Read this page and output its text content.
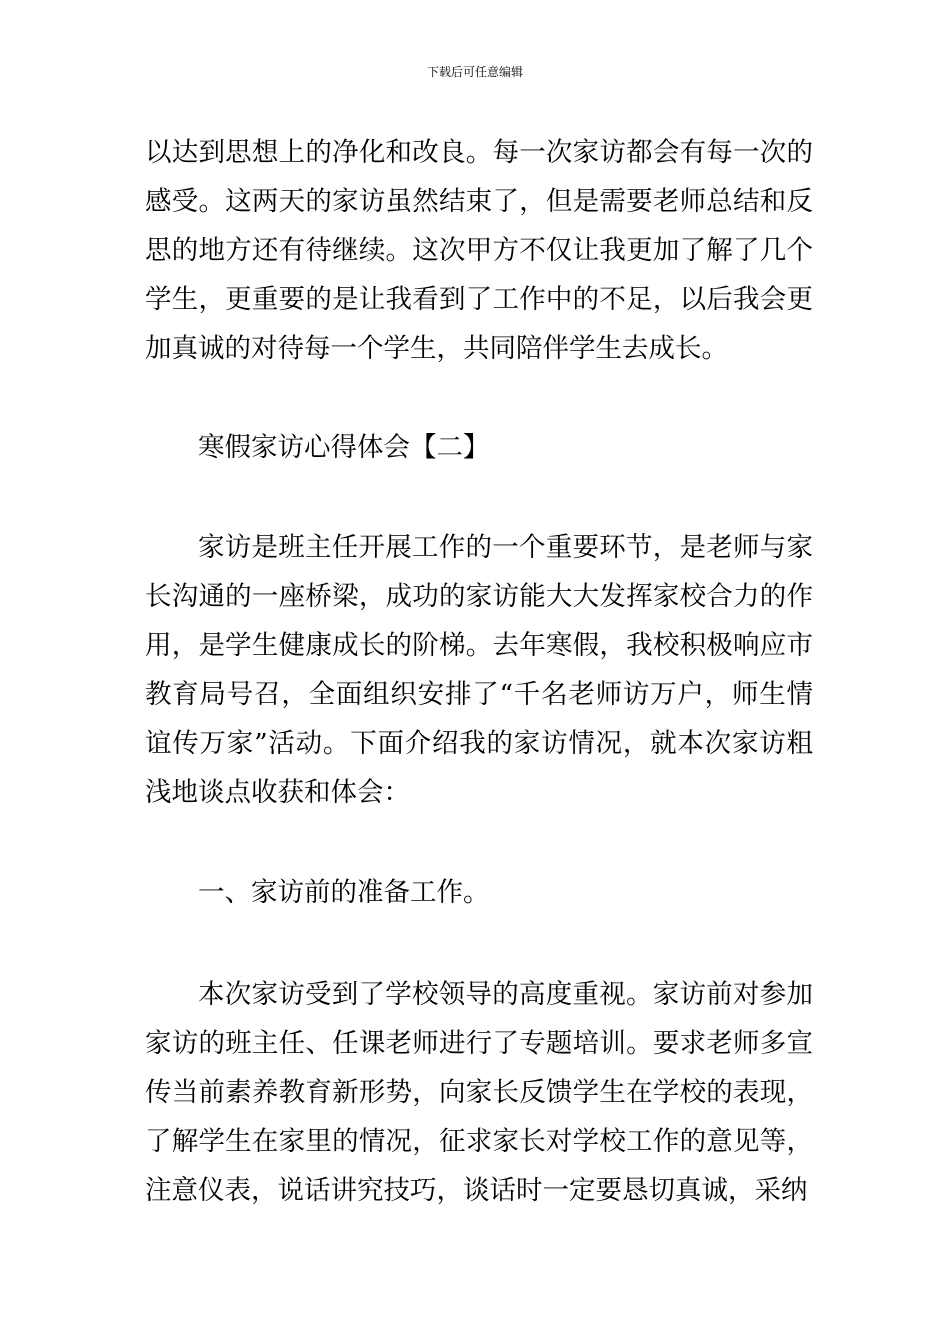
下载后可任意编辑

以达到思想上的净化和改良。每一次家访都会有每一次的感受。这两天的家访虽然结束了，但是需要老师总结和反思的地方还有待继续。这次甲方不仅让我更加了解了几个学生，更重要的是让我看到了工作中的不足，以后我会更加真诚的对待每一个学生，共同陪伴学生去成长。

寒假家访心得体会【二】

家访是班主任开展工作的一个重要环节，是老师与家长沟通的一座桥梁，成功的家访能大大发挥家校合力的作用，是学生健康成长的阶梯。去年寒假，我校积极响应市教育局号召，全面组织安排了“千名老师访万户，师生情谊传万家”活动。下面介绍我的家访情况，就本次家访粗浅地谈点收获和体会：

一、家访前的准备工作。

本次家访受到了学校领导的高度重视。家访前对参加家访的班主任、任课老师进行了专题培训。要求老师多宣传当前素养教育新形势，向家长反馈学生在学校的表现，了解学生在家里的情况，征求家长对学校工作的意见等，注意仪表，说话讲究技巧，谈话时一定要恳切真诚，采纳
